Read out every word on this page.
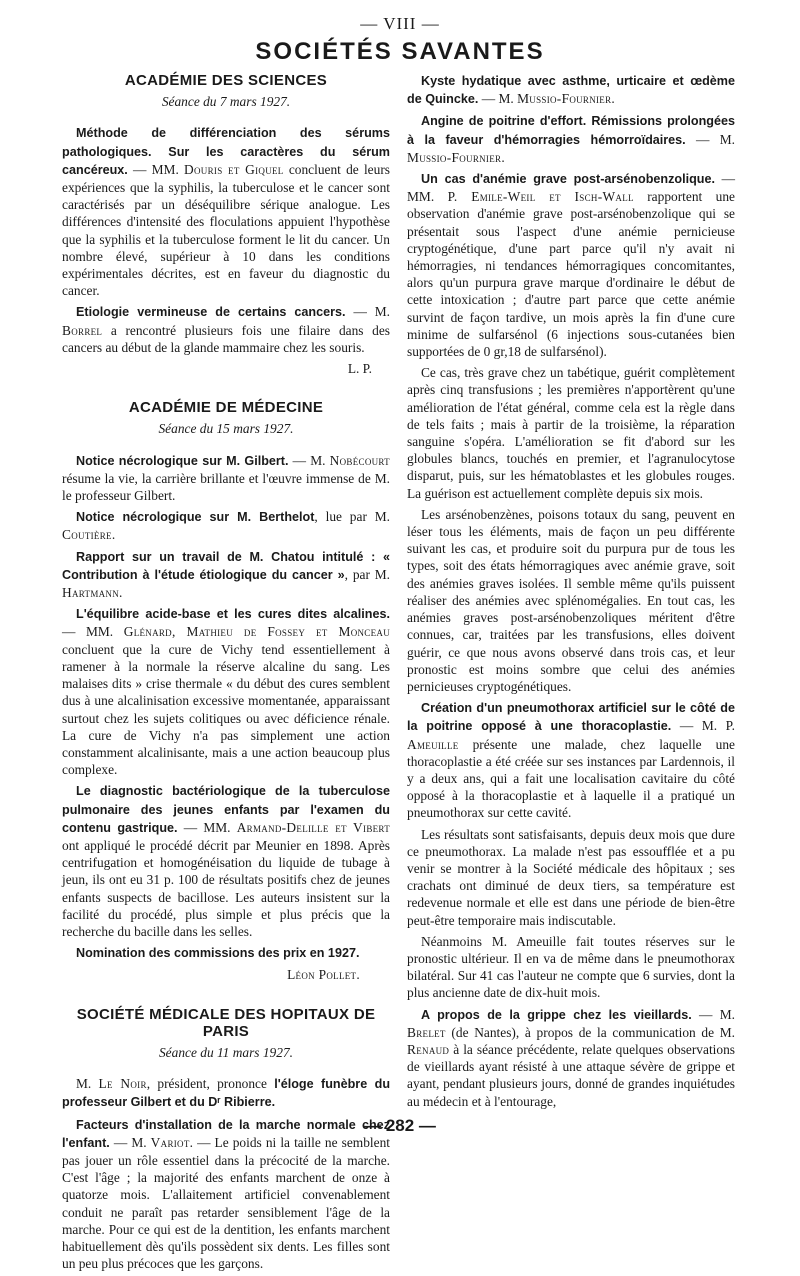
— VIII —
SOCIÉTÉS SAVANTES
ACADÉMIE DES SCIENCES
Séance du 7 mars 1927.

Méthode de différenciation des sérums pathologiques. Sur les caractères du sérum cancéreux. — MM. Douris et Giquel concluent de leurs expériences que la syphilis, la tuberculose et le cancer sont caractérisés par un déséquilibre sérique analogue. Les différences d'intensité des floculations appuient l'hypothèse que la syphilis et la tuberculose forment le lit du cancer. Un nombre élevé, supérieur à 10 dans les conditions expérimentales décrites, est en faveur du diagnostic du cancer.

Etiologie vermineuse de certains cancers. — M. Borrel a rencontré plusieurs fois une filaire dans des cancers au début de la glande mammaire chez les souris.

L. P.
ACADÉMIE DE MÉDECINE
Séance du 15 mars 1927.

Notice nécrologique sur M. Gilbert. — M. Nobécourt résume la vie, la carrière brillante et l'œuvre immense de M. le professeur Gilbert.

Notice nécrologique sur M. Berthelot, lue par M. Coutière.

Rapport sur un travail de M. Chatou intitulé : « Contribution à l'étude étiologique du cancer », par M. Hartmann.

L'équilibre acide-base et les cures dites alcalines. — MM. Glénard, Mathieu de Fossey et Monceau concluent que la cure de Vichy tend essentiellement à ramener à la normale la réserve alcaline du sang. Les malaises dits » crise thermale « du début des cures semblent dus à une alcalinisation excessive momentanée, apparaissant surtout chez les sujets colitiques ou avec déficience rénale. La cure de Vichy n'a pas simplement une action constamment alcalinisante, mais a une action beaucoup plus complexe.

Le diagnostic bactériologique de la tuberculose pulmonaire des jeunes enfants par l'examen du contenu gastrique. — MM. Armand-Delille et Vibert ont appliqué le procédé décrit par Meunier en 1898. Après centrifugation et homogénéisation du liquide de tubage à jeun, ils ont eu 31 p. 100 de résultats positifs chez de jeunes enfants suspects de bacillose. Les auteurs insistent sur la facilité du procédé, plus simple et plus précis que la recherche du bacille dans les selles.

Nomination des commissions des prix en 1927.

Léon Pollet.
SOCIÉTÉ MÉDICALE DES HOPITAUX DE PARIS
Séance du 11 mars 1927.

M. Le Noir, président, prononce l'éloge funèbre du professeur Gilbert et du Dʳ Ribierre.

Facteurs d'installation de la marche normale chez l'enfant. — M. Variot. — Le poids ni la taille ne semblent pas jouer un rôle essentiel dans la précocité de la marche. C'est l'âge ; la majorité des enfants marchent de onze à quatorze mois. L'allaitement artificiel convenablement conduit ne paraît pas retarder sensiblement l'âge de la marche. Pour ce qui est de la dentition, les enfants marchent habituellement dès qu'ils possèdent six dents. Les filles sont un peu plus précoces que les garçons.

Kyste hydatique avec asthme, urticaire et œdème de Quincke. — M. Mussio-Fournier.

Angine de poitrine d'effort. Rémissions prolongées à la faveur d'hémorragies hémorroïdaires. — M. Mussio-Fournier.

Un cas d'anémie grave post-arsénobenzolique. — MM. P. Emile-Weil et Isch-Wall rapportent une observation d'anémie grave post-arsénobenzolique qui se présentait sous l'aspect d'une anémie pernicieuse cryptogénétique, d'une part parce qu'il n'y avait ni hémorragies, ni tendances hémorragiques concomitantes, alors qu'un purpura grave marque d'ordinaire le début de cette intoxication ; d'autre part parce que cette anémie survint de façon tardive, un mois après la fin d'une cure minime de sulfarsénol (6 injections sous-cutanées bien supportées de 0 gr,18 de sulfarsénol).

Ce cas, très grave chez un tabétique, guérit complètement après cinq transfusions ; les premières n'apportèrent qu'une amélioration de l'état général, comme cela est la règle dans de tels faits ; mais à partir de la troisième, la réparation sanguine s'opéra. L'amélioration se fit d'abord sur les globules blancs, touchés en premier, et l'agranulocytose disparut, puis, sur les hématoblastes et les globules rouges. La guérison est actuellement complète depuis six mois.

Les arsénobenzènes, poisons totaux du sang, peuvent en léser tous les éléments, mais de façon un peu différente suivant les cas, et produire soit du purpura pur de tous les types, soit des états hémorragiques avec anémie grave, soit des anémies graves isolées. Il semble même qu'ils puissent réaliser des anémies avec splénomégalies. En tout cas, les anémies graves post-arsénobenzoliques méritent d'être connues, car, traitées par les transfusions, elles doivent guérir, ce que nous avons observé dans trois cas, et leur pronostic est moins sombre que celui des anémies pernicieuses cryptogénétiques.

Création d'un pneumothorax artificiel sur le côté de la poitrine opposé à une thoracoplastie. — M. P. Ameuille présente une malade, chez laquelle une thoracoplastie a été créée sur ses instances par Lardennois, il y a deux ans, qui a fait une localisation cavitaire du côté opposé à la thoracoplastie et à laquelle il a pratiqué un pneumothorax sur cette cavité.

Les résultats sont satisfaisants, depuis deux mois que dure ce pneumothorax. La malade n'est pas essoufflée et a pu venir se montrer à la Société médicale des hôpitaux ; ses crachats ont diminué de deux tiers, sa température est redevenue normale et elle est dans une période de bien-être peut-être temporaire mais indiscutable.

Néanmoins M. Ameuille fait toutes réserves sur le pronostic ultérieur. Il en va de même dans le pneumothorax bilatéral. Sur 41 cas l'auteur ne compte que 6 survies, dont la plus ancienne date de dix-huit mois.

A propos de la grippe chez les vieillards. — M. Brelet (de Nantes), à propos de la communication de M. Renaud à la séance précédente, relate quelques observations de vieillards ayant résisté à une attaque sévère de grippe et ayant, pendant plusieurs jours, donné de grandes inquiétudes au médecin et à l'entourage,

— 282 —
